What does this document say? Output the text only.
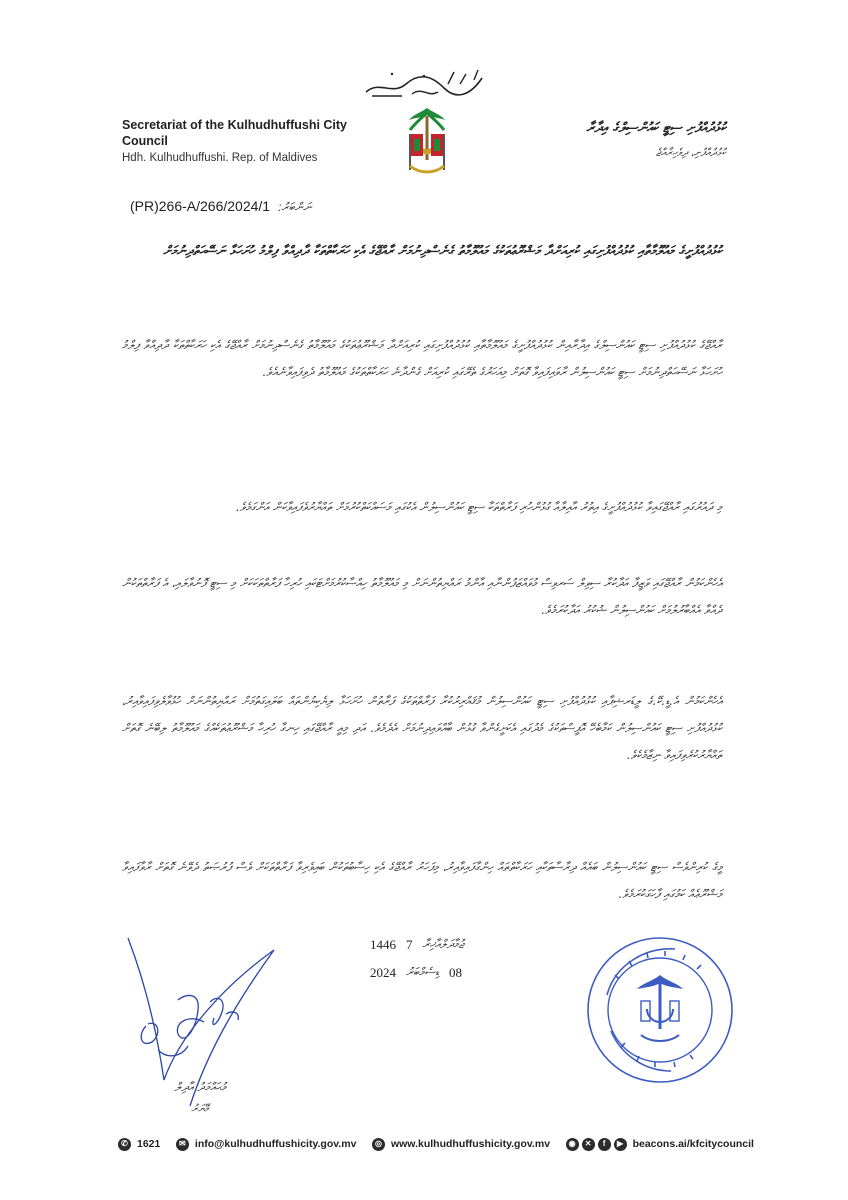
Secretariat of the Kulhudhuffushi City Council
Hdh. Kulhudhuffushi. Rep. of Maldives
ކުޅުދުއްފުށި ސިޓީ ކައުންސިލްގެ އިދާރާ
ކުޅުދުއްފުށި، ދިވެހިރާއްޖެ
(PR)266-A/266/2024/1 ނަންބަރު:
ކުޅުދުއްފުށީގެ މައުލޫމާތާއި ކުޅުދުއްފުށިގައި ކުރިއަށްދާ މަޝްރޫޢުތަކުގެ މައުލޫމާތު ގެނެސްދިނުމަށް ރާއްޖޭގެ އެކި ހަރަކާތްތަކާ ދާދިއްވާ ފިލްމު ހުށަހަޅާ ނަސޭޙަތްދިނުމަށް
ރާއްޖޭގެ ކުޅުދުއްފުށި ސިޓީ ކައުންސިލްގެ އިދާރާއިން ކުޅުދުއްފުށީގެ މައުލޫމާތާއި ކުޅުދުއްފުށިގައި ކުރިއަށްދާ މަޝްރޫޢުތަކުގެ މައުލޫމާތު ގެނެސްދިނުމަށް ރާއްޖޭގެ އެކި ހަރަކާތްތަކާ ދާދިއްވާ ފިލްމު ހުށަހަޅާ ނަސޭޙަތްދިނުމަށް ސިޓީ ކައުންސިލުން ރާވައިފައިވާ ގޮތަށް މިއަހަރުގެ ތެރޭގައި ކުރިއަށް ގެންދާނެ ހަރަކާތްތަކުގެ މައުލޫމާތު ދެވިފައިވާނެއެވެ.
މި ދައުރުގައި ރާއްޖޭގައިވާ ކުޅުދުއްފުށީގެ އިތުރު އާއިލާއާ ގުޅުންހުރި ފަރާތްތަކާ ސިޓީ ކައުންސިލުން އެކުގައި މަސައްކަތްކުރުމަށް ތައްޔާރުވެފައިވާކަން އަންގަމެވެ.
އެހެންކަމުން ރާއްޖޭގައި ވަޒީފާ އަދާކުރާ ސިވިލް ސަރވިސް މުވައްޒަފުންނާއި އާންމު ރައްޔިތުންނަށް މި މައުލޫމާތު ހިއްސާކުރުމަށްޓަކައި ހުރިހާ ފަރާތްތަކަކަށް މި ސިޓީ ފޮނުވާލައި، އެ ފަރާތްތަކުން ދެއްވާ އެއްބާރުލުމަށް ކައުންސިލުން ޝުކުރު އަދާކުރަމެވެ.
އެހެންކަމުން އެ.ޑީ.ކޭ.ގެ ލީޑަރޝިޕާއި ކުޅުދުއްފުށި ސިޓީ ކައުންސިލުން މުޤައްރިރުކުރާ ފަރާތްތަކުގެ ފަރާތުން ހުށަހަޅާ ލިޔެކިޔުންތައް ބަލައިގަތުމަށް ރައްޔިތުންނަށް ހުޅުވާލެވިފައިވާއިރު، ކުޅުދުއްފުށި ސިޓީ ކައުންސިލުން ކަމާބެހޭ އޮފީސްތަކުގެ މެދުގައި އެކަށީގެންވާ ގުޅުން ބާއްވައިދިނުމަށް އެދެމެވެ. އަދި މިއީ ރާއްޖޭގައި ހިނގާ ހުރިހާ މަޝްރޫޢުތަކެއްގެ މައުލޫމާތު ލިބޭނެ ގޮތަށް ތައްޔާރުކުރެވިފައިވާ ނިޒާމެކެވެ.
މީގެ ކުރިންވެސް ސިޓީ ކައުންސިލުން ބައެއް ދިރާސާތަކާއި ހަރަކާތްތައް ހިންގާފައިވާއިރު، މިފަހަރު ރާއްޖޭގެ އެކި ހިސާބުތަކުން ބައިވެރިވާ ފަރާތްތަކަށް ވެސް ފުރުޞަތު ދެވޭނެ ގޮތަށް ރާވާފައިވާ މަޝްރޫޢެއް ކަމުގައި ފާހަގަކުރަމެވެ.
1446 7 ޖުމާދަލްއާޚިރާ
2024 ޑިސެމްބަރު 08
މުޙައްމަދު އާދިލް
މޭޔަރު
✆ 1621	✉ info@kulhudhuffushicity.gov.mv	◎ www.kulhudhuffushicity.gov.mv	◉	✕	f	▶ beacons.ai/kfcitycouncil
